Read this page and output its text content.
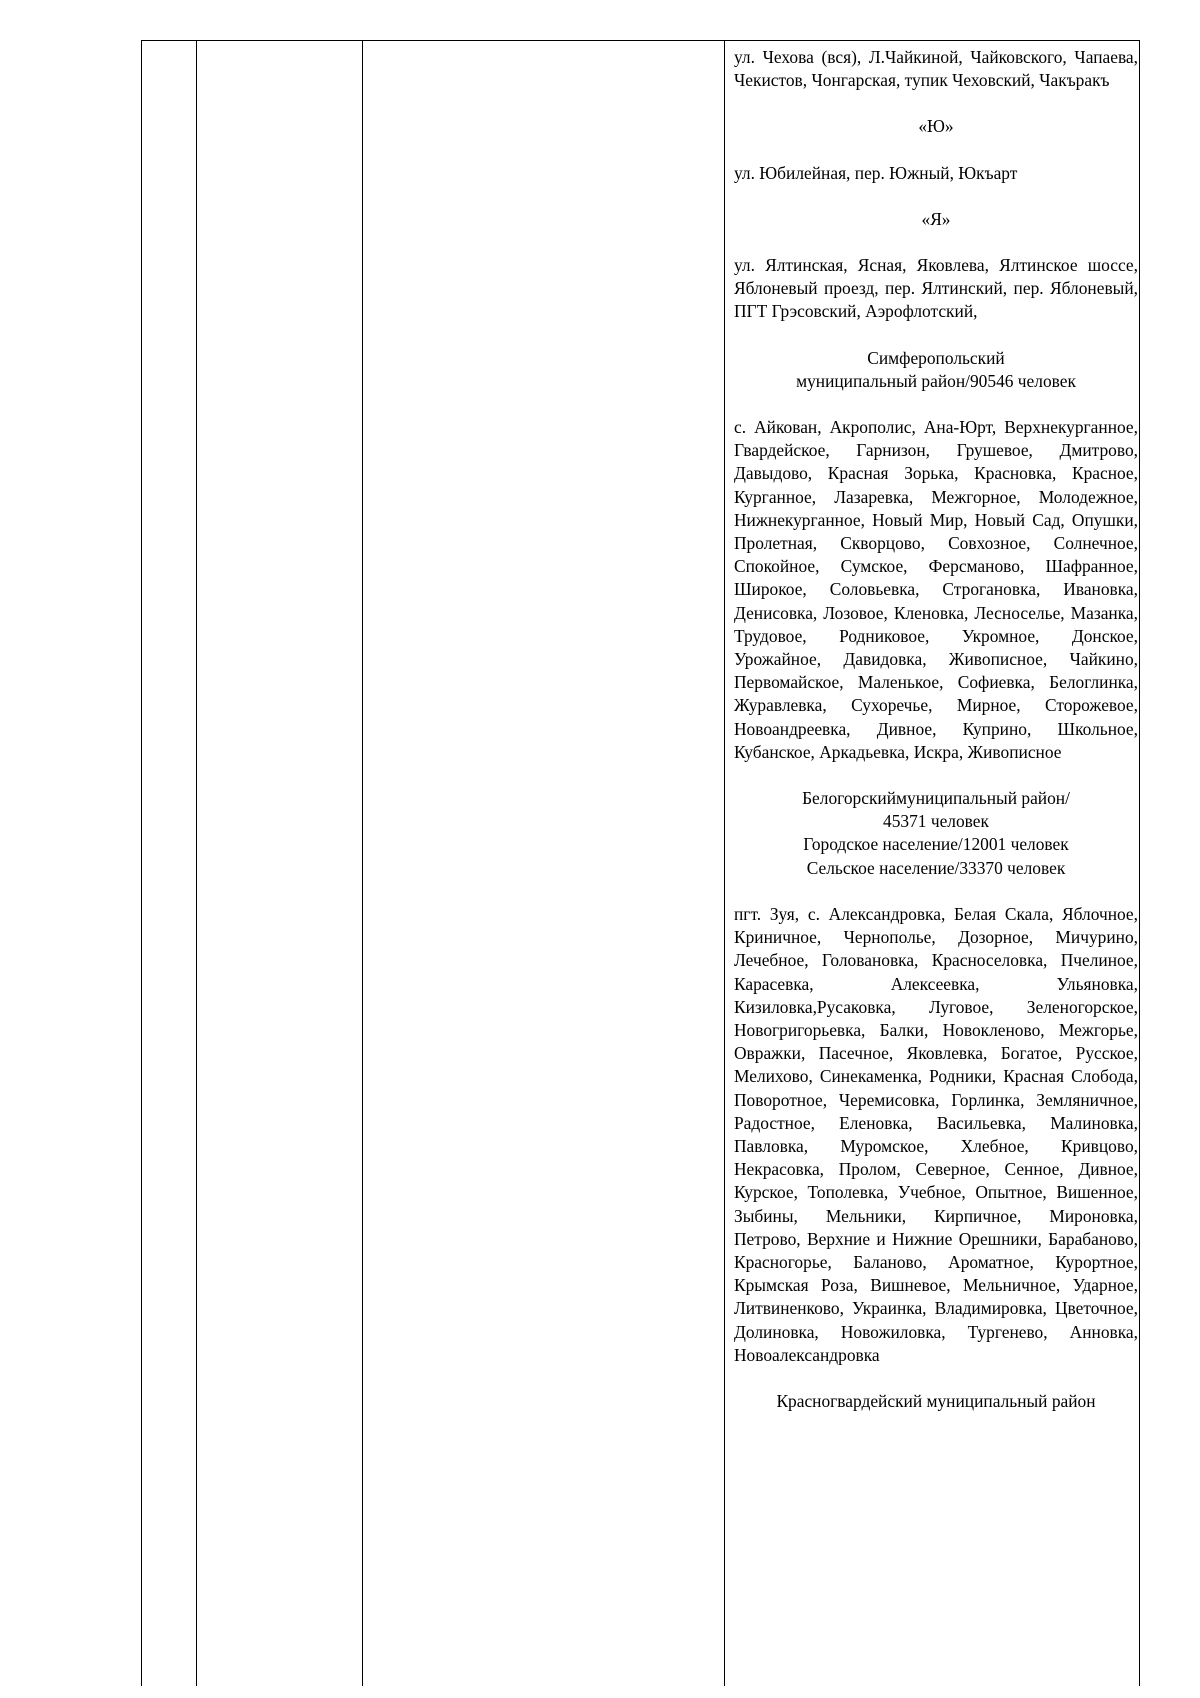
ул. Чехова (вся), Л.Чайкиной, Чайковского, Чапаева, Чекистов, Чонгарская, тупик Чеховский, Чакъракъ

«Ю»

ул. Юбилейная, пер. Южный, Юкъарт

«Я»

ул. Ялтинская, Ясная, Яковлева, Ялтинское шоссе, Яблоневый проезд, пер. Ялтинский, пер. Яблоневый, ПГТ Грэсовский, Аэрофлотский,

Симферопольский

муниципальный район/90546 человек

с. Айкован, Акрополис, Ана-Юрт, Верхнекурганное, Гвардейское, Гарнизон, Грушевое, Дмитрово, Давыдово, Красная Зорька, Красновка, Красное, Курганное, Лазаревка, Межгорное, Молодежное, Нижнекурганное, Новый Мир, Новый Сад, Опушки, Пролетная, Скворцово, Совхозное, Солнечное, Спокойное, Сумское, Ферсманово, Шафранное, Широкое, Соловьевка, Строгановка, Ивановка, Денисовка, Лозовое, Кленовка, Лесноселье, Мазанка, Трудовое, Родниковое, Укромное, Донское, Урожайное, Давидовка, Живописное, Чайкино, Первомайское, Маленькое, Софиевка, Белоглинка, Журавлевка, Сухоречье, Мирное, Сторожевое, Новоандреевка, Дивное, Куприно, Школьное, Кубанское, Аркадьевка, Искра, Живописное

Белогорскиймуниципальный район/

45371 человек

Городское население/12001 человек

Сельское население/33370 человек

пгт. Зуя, с. Александровка, Белая Скала, Яблочное, Криничное, Чернополье, Дозорное, Мичурино, Лечебное, Голованoвка, Красноселовка, Пчелиное, Карасевка, Алексеевка, Ульяновка, Кизиловка,Русаковка, Луговое, Зеленогорское, Новогригорьевка, Балки, Новокленово, Межгорье, Овражки, Пасечное, Яковлевка, Богатое, Русское, Мелихово, Синекаменка, Родники, Красная Слобода, Поворотное, Черемисовка, Горлинка, Земляничное, Радостное, Еленовка, Васильевка, Малиновка, Павловка, Муромское, Хлебное, Кривцово, Некрасовка, Пролом, Северное, Сенное, Дивное, Курское, Тополевка, Учебное, Опытное, Вишенное, Зыбины, Мельники, Кирпичное, Мироновка, Петрово, Верхние и Нижние Орешники, Барабаново, Красногорье, Баланово, Ароматное, Курортное, Крымская Роза, Вишневое, Мельничное, Ударное, Литвиненково, Украинка, Владимировка, Цветочное, Долиновка, Новожиловка, Тургенево, Анновка, Новоалександровка

Красногвардейский муниципальный район
